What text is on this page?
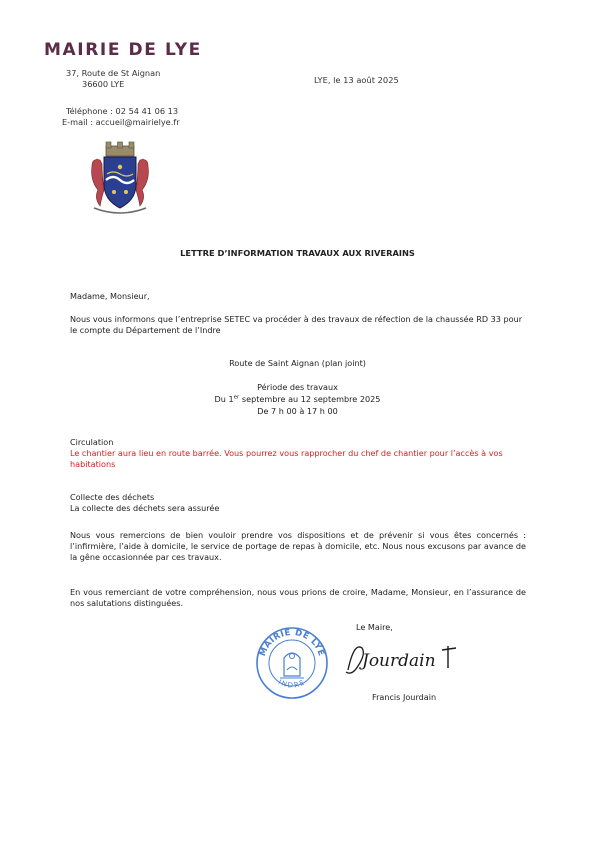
MAIRIE DE LYE
37, Route de St Aignan
36600 LYE
Téléphone : 02 54 41 06 13
E-mail : accueil@mairielye.fr
LYE, le 13 août 2025
LETTRE D’INFORMATION TRAVAUX AUX RIVERAINS
Madame, Monsieur,

Nous vous informons que l’entreprise SETEC va procéder à des travaux de réfection de la chaussée RD 33 pour le compte du Département de l’Indre

Route de Saint Aignan (plan joint)
Période des travaux
Du 1er septembre au 12 septembre 2025
De 7 h 00 à 17 h 00
Circulation

Le chantier aura lieu en route barrée. Vous pourrez vous rapprocher du chef de chantier pour l’accès à vos habitations

Collecte des déchets
La collecte des déchets sera assurée

Nous vous remercions de bien vouloir prendre vos dispositions et de prévenir si vous êtes concernés : l’infirmière, l’aide à domicile, le service de portage de repas à domicile, etc. Nous nous excusons par avance de la gêne occasionnée par ces travaux.

En vous remerciant de votre compréhension, nous vous prions de croire, Madame, Monsieur, en l’assurance de nos salutations distinguées.

Le Maire,
MAIRIE DE LYE
INDRE
Jourdain
Francis Jourdain
